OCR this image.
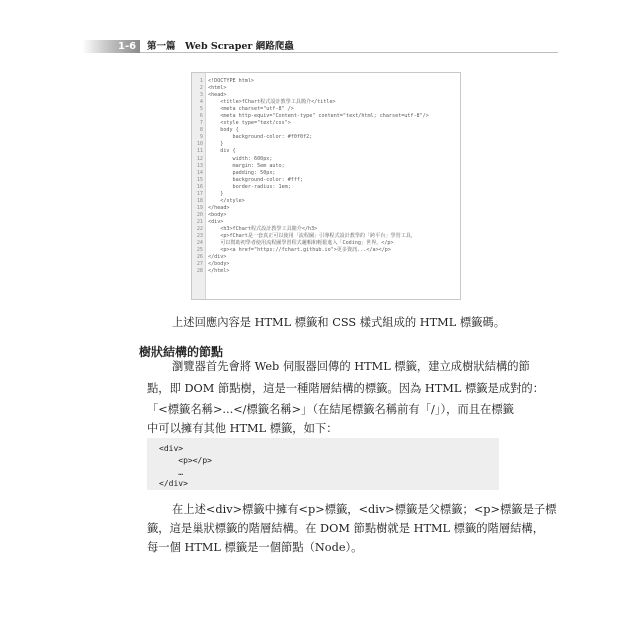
1-6 第一篇　Web Scraper 網路爬蟲
1 <!DOCTYPE html>
2 <html>
3 <head>
4 <title>fChart程式設計教學工具簡介</title>
5 <meta charset="utf-8" />
6 <meta http-equiv="Content-type" content="text/html; charset=utf-8"/>
7 <style type="text/css">
8 body {
9 background-color: #f0f0f2;
10 }
11 div {
12 width: 600px;
13 margin: 5em auto;
14 padding: 50px;
15 background-color: #fff;
16 border-radius: 1em;
17 }
18 </style>
19 </head>
20 <body>
21 <div>
22 <h3>fChart程式設計教學工具簡介</h3>
23 <p>fChart是一套真正可以使用「流程圖」引導程式設計教學的「跨平台」學習工具，
24 可以幫助初學者使用流程圖學習程式邏輯和輕鬆進入「Coding」世界。</p>
25 <p><a href="https://fchart.github.io">更多資訊...</a></p>
26 </div>
27 </body>
28 </html>
上述回應內容是 HTML 標籤和 CSS 樣式組成的 HTML 標籤碼。
樹狀結構的節點
瀏覽器首先會將 Web 伺服器回傳的 HTML 標籤，建立成樹狀結構的節
點，即 DOM 節點樹，這是一種階層結構的標籤。因為 HTML 標籤是成對的：
「<標籤名稱>...</標籤名稱>」（在結尾標籤名稱前有「/」），而且在標籤
中可以擁有其他 HTML 標籤，如下：
<div>
<p></p>
…
</div>
在上述<div>標籤中擁有<p>標籤，<div>標籤是父標籤；<p>標籤是子標
籤，這是巢狀標籤的階層結構。在 DOM 節點樹就是 HTML 標籤的階層結構，
每一個 HTML 標籤是一個節點（Node）。
